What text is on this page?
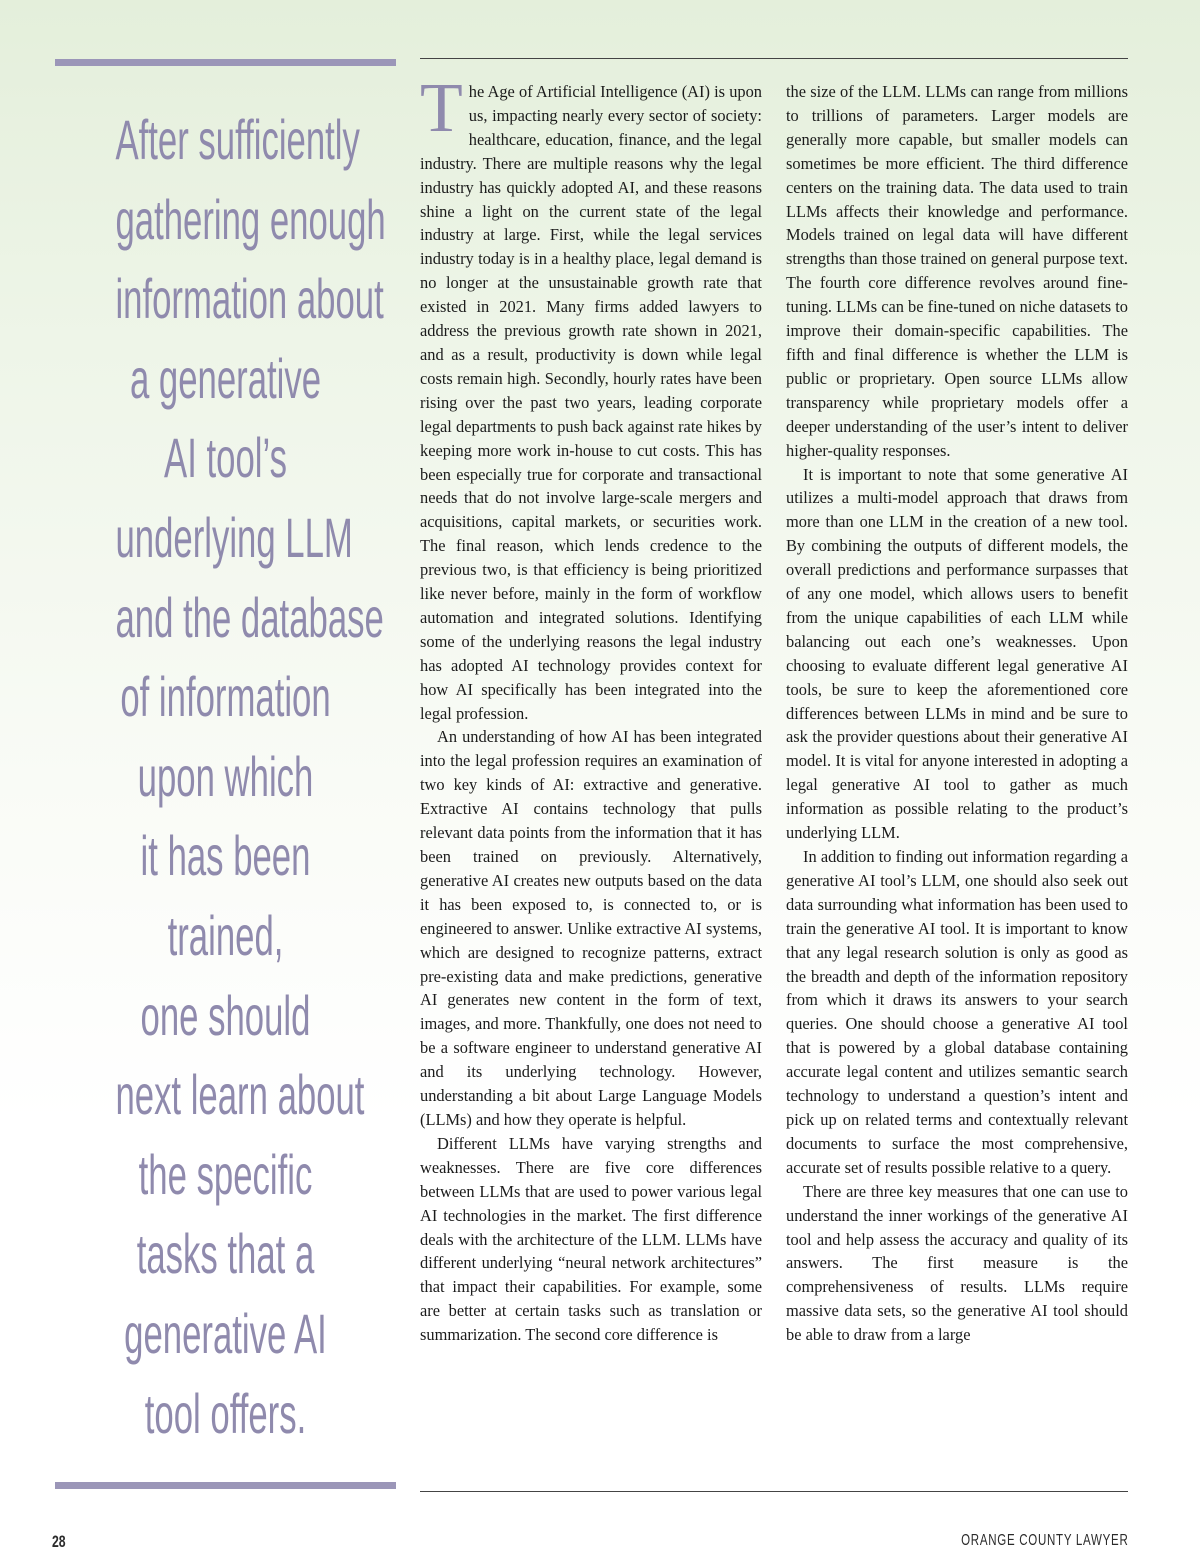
After sufficiently
gathering enough
information about
a generative
AI tool’s
underlying LLM
and the database
of information
upon which
it has been
trained,
one should
next learn about
the specific
tasks that a
generative AI
tool offers.

The Age of Artificial Intelligence (AI) is upon us, impacting nearly every sector of society: healthcare, education, finance, and the legal industry. There are multiple reasons why the legal industry has quickly adopted AI, and these reasons shine a light on the current state of the legal industry at large. First, while the legal services industry today is in a healthy place, legal demand is no longer at the unsustainable growth rate that existed in 2021. Many firms added lawyers to address the previous growth rate shown in 2021, and as a result, productivity is down while legal costs remain high. Secondly, hourly rates have been rising over the past two years, leading corporate legal departments to push back against rate hikes by keeping more work in-house to cut costs. This has been especially true for corporate and transactional needs that do not involve large-scale mergers and acquisitions, capital markets, or securities work. The final reason, which lends credence to the previous two, is that efficiency is being prioritized like never before, mainly in the form of workflow automation and integrated solutions. Identifying some of the underlying reasons the legal industry has adopted AI technology provides context for how AI specifically has been integrated into the legal profession.

An understanding of how AI has been integrated into the legal profession requires an examination of two key kinds of AI: extractive and generative. Extractive AI contains technology that pulls relevant data points from the information that it has been trained on previously. Alternatively, generative AI creates new outputs based on the data it has been exposed to, is connected to, or is engineered to answer. Unlike extractive AI systems, which are designed to recognize patterns, extract pre-existing data and make predictions, generative AI generates new content in the form of text, images, and more. Thankfully, one does not need to be a software engineer to understand generative AI and its underlying technology. However, understanding a bit about Large Language Models (LLMs) and how they operate is helpful.

Different LLMs have varying strengths and weaknesses. There are five core differences between LLMs that are used to power various legal AI technologies in the market. The first difference deals with the architecture of the LLM. LLMs have different underlying “neural network architectures” that impact their capabilities. For example, some are better at certain tasks such as translation or summarization. The second core difference is

the size of the LLM. LLMs can range from millions to trillions of parameters. Larger models are generally more capable, but smaller models can sometimes be more efficient. The third difference centers on the training data. The data used to train LLMs affects their knowledge and performance. Models trained on legal data will have different strengths than those trained on general purpose text. The fourth core difference revolves around fine-tuning. LLMs can be fine-tuned on niche datasets to improve their domain-specific capabilities. The fifth and final difference is whether the LLM is public or proprietary. Open source LLMs allow transparency while proprietary models offer a deeper understanding of the user’s intent to deliver higher-quality responses.

It is important to note that some generative AI utilizes a multi-model approach that draws from more than one LLM in the creation of a new tool. By combining the outputs of different models, the overall predictions and performance surpasses that of any one model, which allows users to benefit from the unique capabilities of each LLM while balancing out each one’s weaknesses. Upon choosing to evaluate different legal generative AI tools, be sure to keep the aforementioned core differences between LLMs in mind and be sure to ask the provider questions about their generative AI model. It is vital for anyone interested in adopting a legal generative AI tool to gather as much information as possible relating to the product’s underlying LLM.

In addition to finding out information regarding a generative AI tool’s LLM, one should also seek out data surrounding what information has been used to train the generative AI tool. It is important to know that any legal research solution is only as good as the breadth and depth of the information repository from which it draws its answers to your search queries. One should choose a generative AI tool that is powered by a global database containing accurate legal content and utilizes semantic search technology to understand a question’s intent and pick up on related terms and contextually relevant documents to surface the most comprehensive, accurate set of results possible relative to a query.

There are three key measures that one can use to understand the inner workings of the generative AI tool and help assess the accuracy and quality of its answers. The first measure is the comprehensiveness of results. LLMs require massive data sets, so the generative AI tool should be able to draw from a large

28	ORANGE COUNTY LAWYER
